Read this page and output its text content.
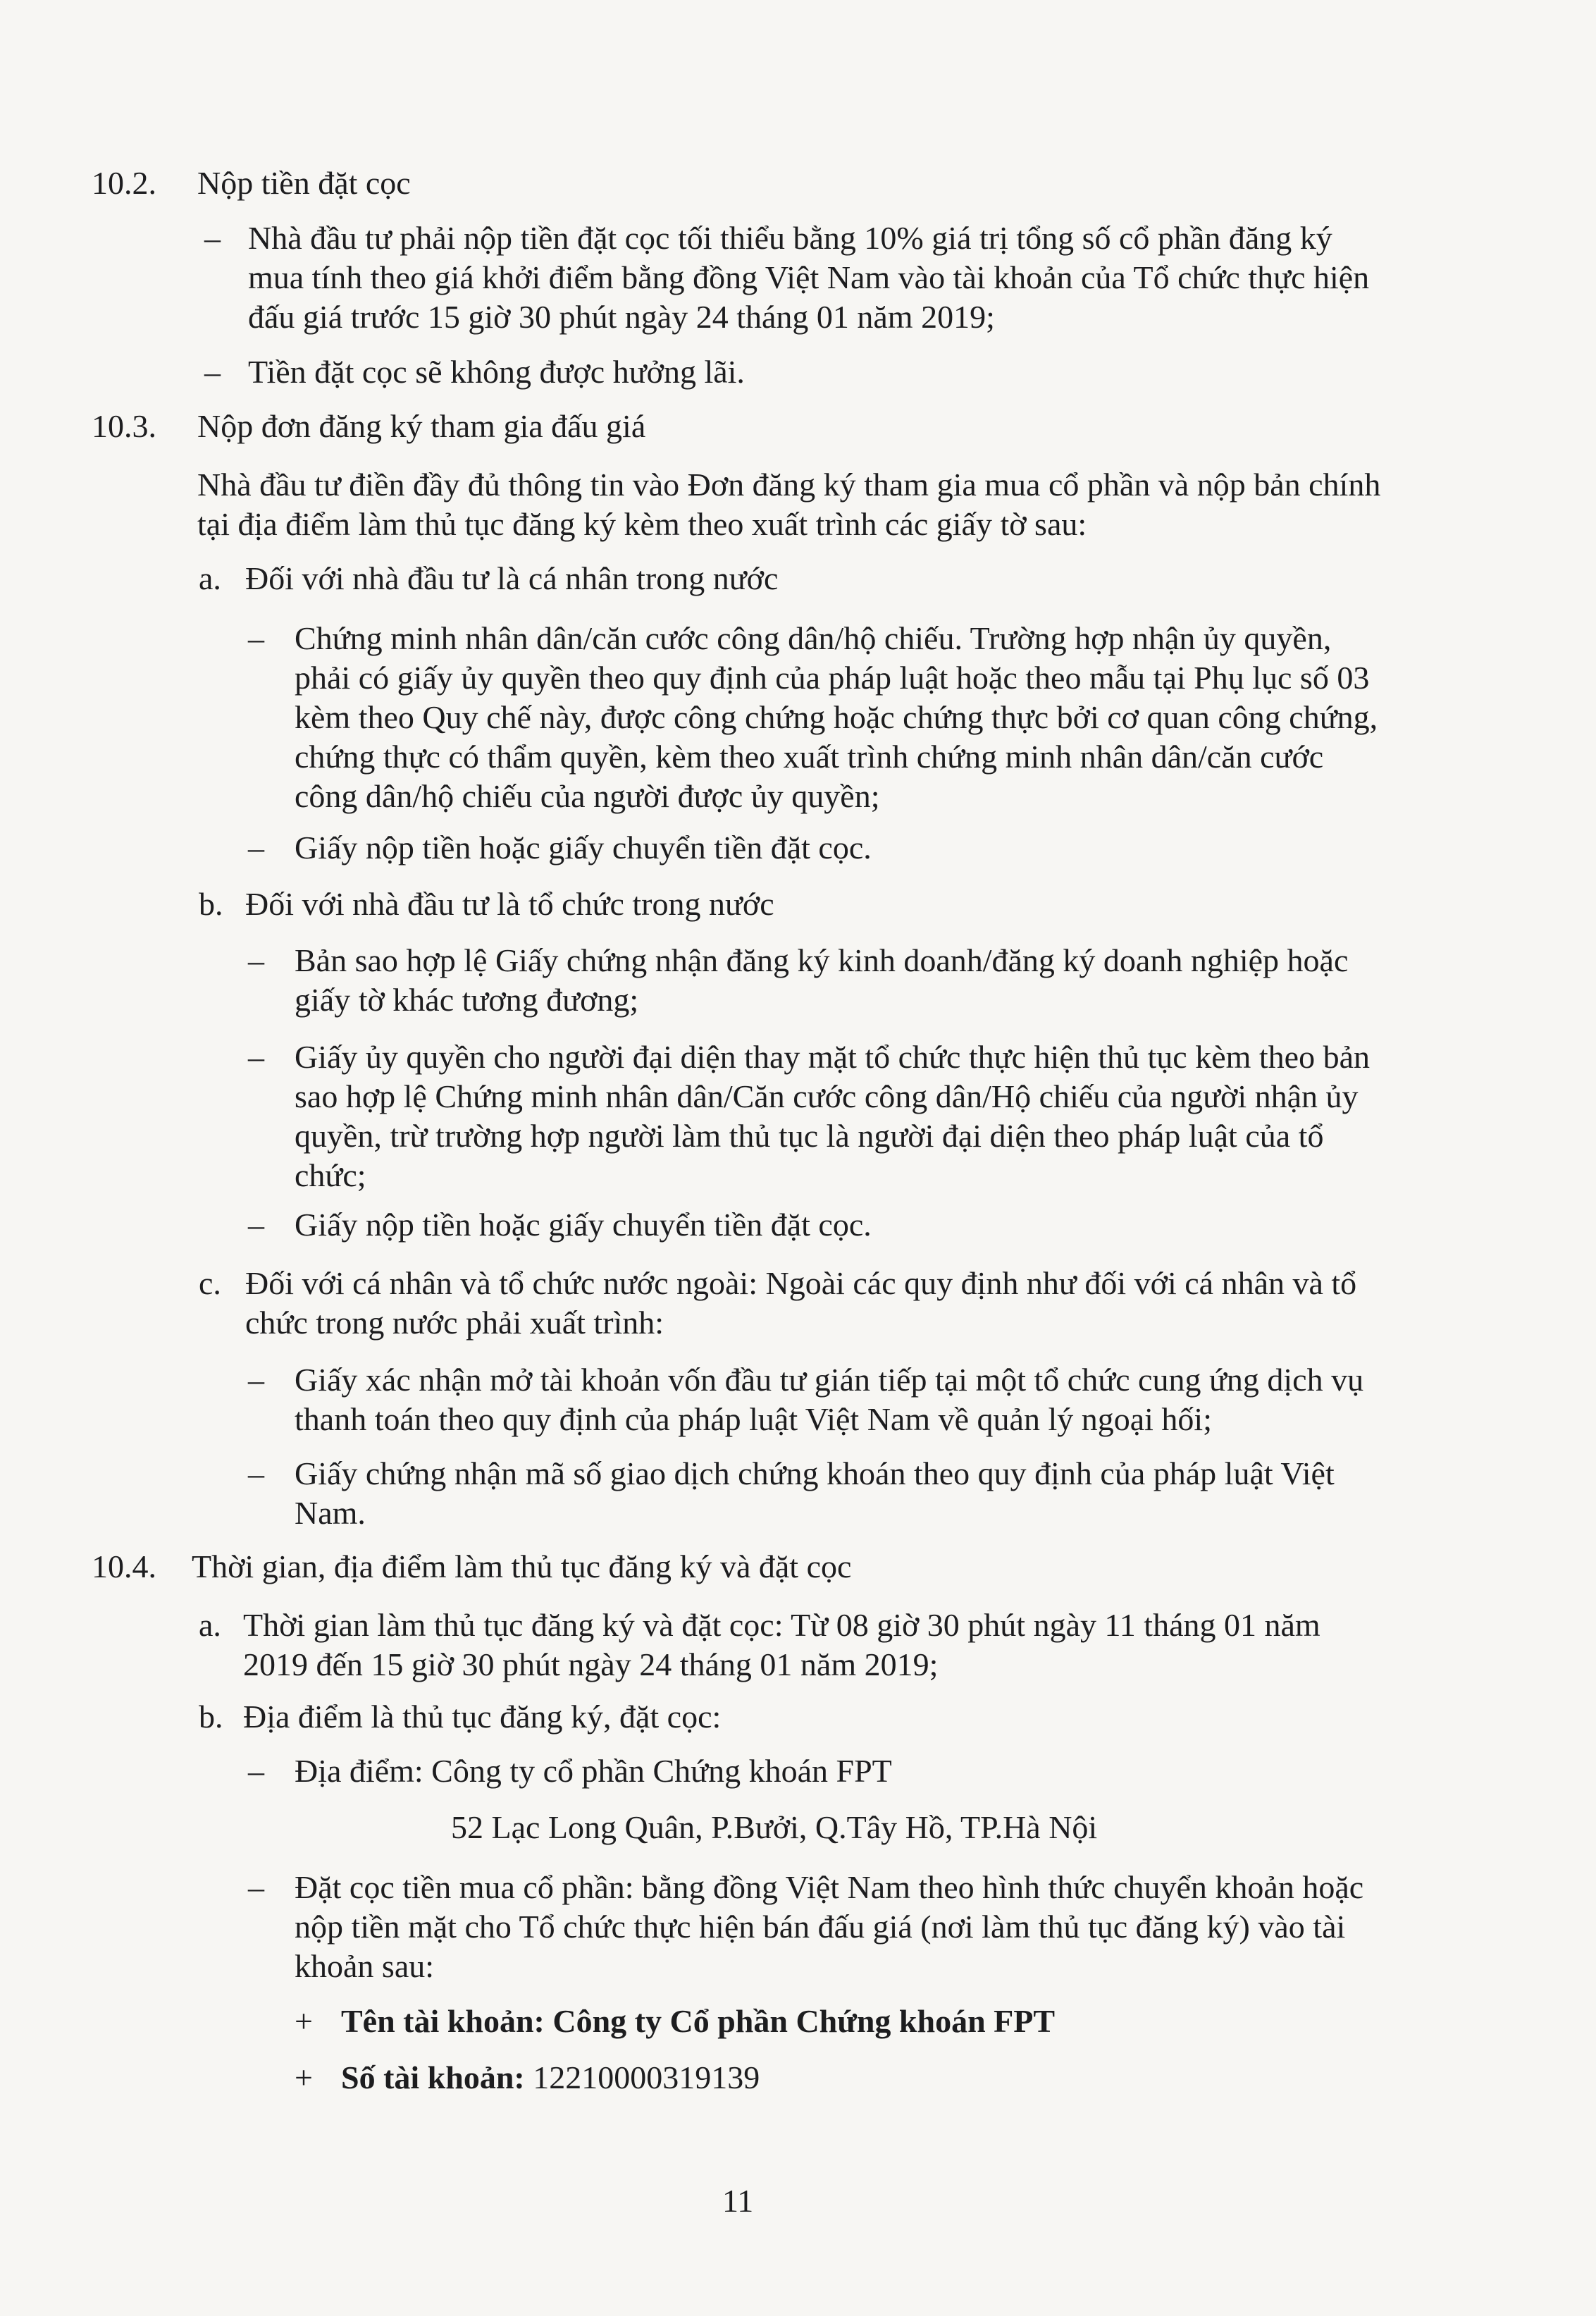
10.2. Nộp tiền đặt cọc
– Nhà đầu tư phải nộp tiền đặt cọc tối thiểu bằng 10% giá trị tổng số cổ phần đăng ký
mua tính theo giá khởi điểm bằng đồng Việt Nam vào tài khoản của Tổ chức thực hiện
đấu giá trước 15 giờ 30 phút ngày 24 tháng 01 năm 2019;
– Tiền đặt cọc sẽ không được hưởng lãi.
10.3. Nộp đơn đăng ký tham gia đấu giá
Nhà đầu tư điền đầy đủ thông tin vào Đơn đăng ký tham gia mua cổ phần và nộp bản chính
tại địa điểm làm thủ tục đăng ký kèm theo xuất trình các giấy tờ sau:
a. Đối với nhà đầu tư là cá nhân trong nước
– Chứng minh nhân dân/căn cước công dân/hộ chiếu. Trường hợp nhận ủy quyền,
phải có giấy ủy quyền theo quy định của pháp luật hoặc theo mẫu tại Phụ lục số 03
kèm theo Quy chế này, được công chứng hoặc chứng thực bởi cơ quan công chứng,
chứng thực có thẩm quyền, kèm theo xuất trình chứng minh nhân dân/căn cước
công dân/hộ chiếu của người được ủy quyền;
– Giấy nộp tiền hoặc giấy chuyển tiền đặt cọc.
b. Đối với nhà đầu tư là tổ chức trong nước
– Bản sao hợp lệ Giấy chứng nhận đăng ký kinh doanh/đăng ký doanh nghiệp hoặc
giấy tờ khác tương đương;
– Giấy ủy quyền cho người đại diện thay mặt tổ chức thực hiện thủ tục kèm theo bản
sao hợp lệ Chứng minh nhân dân/Căn cước công dân/Hộ chiếu của người nhận ủy
quyền, trừ trường hợp người làm thủ tục là người đại diện theo pháp luật của tổ
chức;
– Giấy nộp tiền hoặc giấy chuyển tiền đặt cọc.
c. Đối với cá nhân và tổ chức nước ngoài: Ngoài các quy định như đối với cá nhân và tổ
chức trong nước phải xuất trình:
– Giấy xác nhận mở tài khoản vốn đầu tư gián tiếp tại một tổ chức cung ứng dịch vụ
thanh toán theo quy định của pháp luật Việt Nam về quản lý ngoại hối;
– Giấy chứng nhận mã số giao dịch chứng khoán theo quy định của pháp luật Việt
Nam.
10.4. Thời gian, địa điểm làm thủ tục đăng ký và đặt cọc
a. Thời gian làm thủ tục đăng ký và đặt cọc: Từ 08 giờ 30 phút ngày 11 tháng 01 năm
2019 đến 15 giờ 30 phút ngày 24 tháng 01 năm 2019;
b. Địa điểm là thủ tục đăng ký, đặt cọc:
– Địa điểm: Công ty cổ phần Chứng khoán FPT
52 Lạc Long Quân, P.Bưởi, Q.Tây Hồ, TP.Hà Nội
– Đặt cọc tiền mua cổ phần: bằng đồng Việt Nam theo hình thức chuyển khoản hoặc
nộp tiền mặt cho Tổ chức thực hiện bán đấu giá (nơi làm thủ tục đăng ký) vào tài
khoản sau:
+ Tên tài khoản: Công ty Cổ phần Chứng khoán FPT
+ Số tài khoản: 12210000319139
11
